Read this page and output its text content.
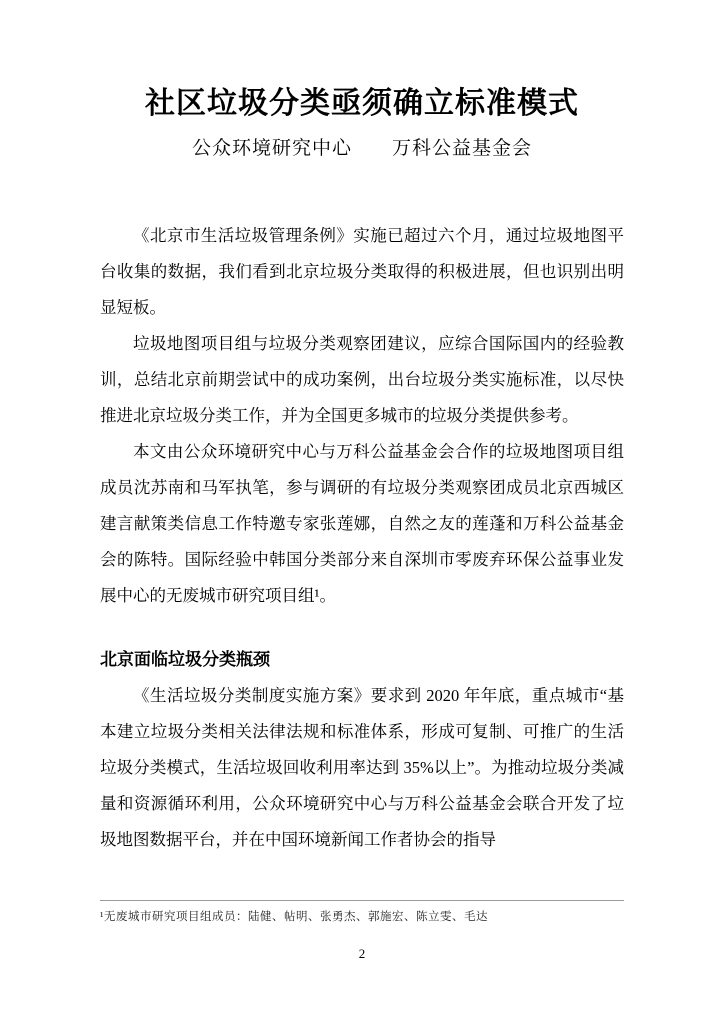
社区垃圾分类亟须确立标准模式
公众环境研究中心　　万科公益基金会

《北京市生活垃圾管理条例》实施已超过六个月，通过垃圾地图平台收集的数据，我们看到北京垃圾分类取得的积极进展，但也识别出明显短板。

垃圾地图项目组与垃圾分类观察团建议，应综合国际国内的经验教训，总结北京前期尝试中的成功案例，出台垃圾分类实施标准，以尽快推进北京垃圾分类工作，并为全国更多城市的垃圾分类提供参考。

本文由公众环境研究中心与万科公益基金会合作的垃圾地图项目组成员沈苏南和马军执笔，参与调研的有垃圾分类观察团成员北京西城区建言献策类信息工作特邀专家张莲娜，自然之友的莲蓬和万科公益基金会的陈特。国际经验中韩国分类部分来自深圳市零废弃环保公益事业发展中心的无废城市研究项目组¹。

北京面临垃圾分类瓶颈

《生活垃圾分类制度实施方案》要求到 2020 年年底，重点城市“基本建立垃圾分类相关法律法规和标准体系，形成可复制、可推广的生活垃圾分类模式，生活垃圾回收利用率达到 35%以上”。为推动垃圾分类减量和资源循环利用，公众环境研究中心与万科公益基金会联合开发了垃圾地图数据平台，并在中国环境新闻工作者协会的指导

¹无废城市研究项目组成员：陆健、帖明、张勇杰、郭施宏、陈立雯、毛达
2
